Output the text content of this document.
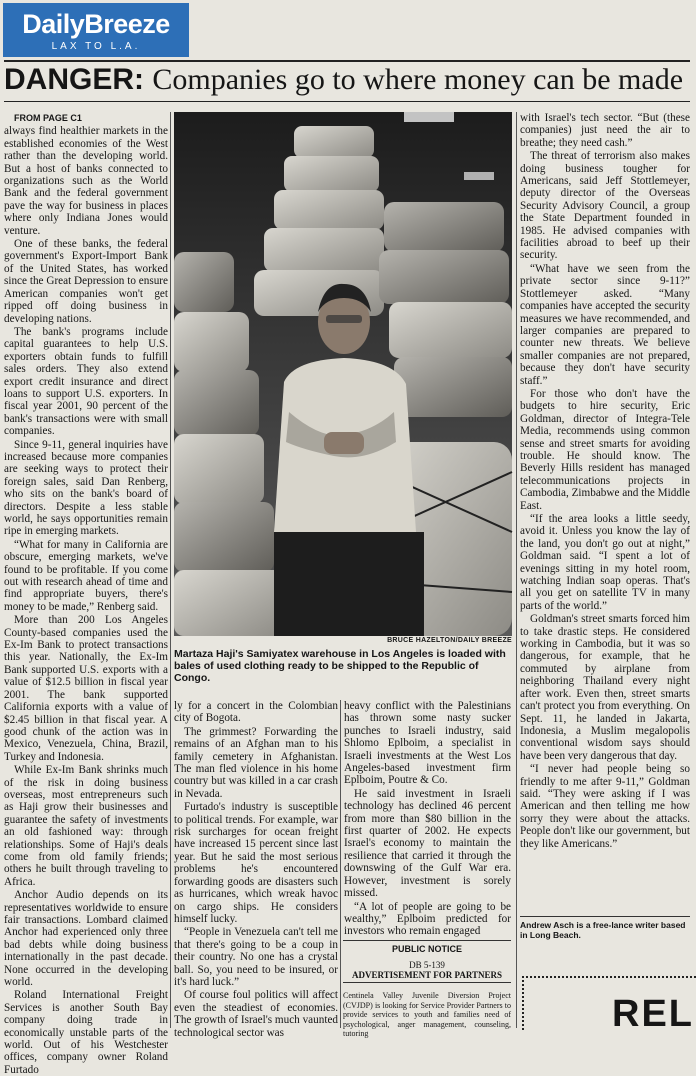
DailyBreeze
LAX TO L.A.
DANGER: Companies go to where money can be made

FROM PAGE C1

always find healthier markets in the established economies of the West rather than the developing world. But a host of banks connected to organizations such as the World Bank and the federal government pave the way for business in places where only Indiana Jones would venture.

One of these banks, the federal government's Export-Import Bank of the United States, has worked since the Great Depression to ensure American companies won't get ripped off doing business in developing nations.

The bank's programs include capital guarantees to help U.S. exporters obtain funds to fulfill sales orders. They also extend export credit insurance and direct loans to support U.S. exporters. In fiscal year 2001, 90 percent of the bank's transactions were with small companies.

Since 9-11, general inquiries have increased because more companies are seeking ways to protect their foreign sales, said Dan Renberg, who sits on the bank's board of directors. Despite a less stable world, he says opportunities remain ripe in emerging markets.

“What for many in California are obscure, emerging markets, we've found to be profitable. If you come out with research ahead of time and find appropriate buyers, there's money to be made,” Renberg said.

More than 200 Los Angeles County-based companies used the Ex-Im Bank to protect transactions this year. Nationally, the Ex-Im Bank supported U.S. exports with a value of $12.5 billion in fiscal year 2001. The bank supported California exports with a value of $2.45 billion in that fiscal year. A good chunk of the action was in Mexico, Venezuela, China, Brazil, Turkey and Indonesia.

While Ex-Im Bank shrinks much of the risk in doing business overseas, most entrepreneurs such as Haji grow their businesses and guarantee the safety of investments an old fashioned way: through relationships. Some of Haji's deals come from old family friends; others he built through traveling to Africa.

Anchor Audio depends on its representatives worldwide to ensure fair transactions. Lombard claimed Anchor had experienced only three bad debts while doing business internationally in the past decade. None occurred in the developing world.

Roland International Freight Services is another South Bay company doing trade in economically unstable parts of the world. Out of his Westchester offices, company owner Roland Furtado

BRUCE HAZELTON/DAILY BREEZE
Martaza Haji's Samiyatex warehouse in Los Angeles is loaded with bales of used clothing ready to be shipped to the Republic of Congo.

ly for a concert in the Colombian city of Bogota.

The grimmest? Forwarding the remains of an Afghan man to his family cemetery in Afghanistan. The man fled violence in his home country but was killed in a car crash in Nevada.

Furtado's industry is susceptible to political trends. For example, war risk surcharges for ocean freight have increased 15 percent since last year. But he said the most serious problems he's encountered forwarding goods are disasters such as hurricanes, which wreak havoc on cargo ships. He considers himself lucky.

“People in Venezuela can't tell me that there's going to be a coup in their country. No one has a crystal ball. So, you need to be insured, or it's hard luck.”

Of course foul politics will affect even the steadiest of economies. The growth of Israel's much vaunted technological sector was

heavy conflict with the Palestinians has thrown some nasty sucker punches to Israeli industry, said Shlomo Eplboim, a specialist in Israeli investments at the West Los Angeles-based investment firm Eplboim, Poutre & Co.

He said investment in Israeli technology has declined 46 percent from more than $80 billion in the first quarter of 2002. He expects Israel's economy to maintain the resilience that carried it through the downswing of the Gulf War era. However, investment is sorely missed.

“A lot of people are going to be wealthy,” Eplboim predicted for investors who remain engaged

PUBLIC NOTICE
DB 5-139
ADVERTISEMENT FOR PARTNERS
Centinela Valley Juvenile Diversion Project (CVJDP) is looking for Service Provider Partners to provide services to youth and families need of psychological, anger management, counseling, tutoring

with Israel's tech sector. “But (these companies) just need the air to breathe; they need cash.”

The threat of terrorism also makes doing business tougher for Americans, said Jeff Stottlemeyer, deputy director of the Overseas Security Advisory Council, a group the State Department founded in 1985. He advised companies with facilities abroad to beef up their security.

“What have we seen from the private sector since 9-11?” Stottlemeyer asked. “Many companies have accepted the security measures we have recommended, and larger companies are prepared to counter new threats. We believe smaller companies are not prepared, because they don't have security staff.”

For those who don't have the budgets to hire security, Eric Goldman, director of Integra-Tele Media, recommends using common sense and street smarts for avoiding trouble. He should know. The Beverly Hills resident has managed telecommunications projects in Cambodia, Zimbabwe and the Middle East.

“If the area looks a little seedy, avoid it. Unless you know the lay of the land, you don't go out at night,” Goldman said. “I spent a lot of evenings sitting in my hotel room, watching Indian soap operas. That's all you get on satellite TV in many parts of the world.”

Goldman's street smarts forced him to take drastic steps. He considered working in Cambodia, but it was so dangerous, for example, that he commuted by airplane from neighboring Thailand every night after work. Even then, street smarts can't protect you from everything. On Sept. 11, he landed in Jakarta, Indonesia, a Muslim megalopolis conventional wisdom says should have been very dangerous that day.

“I never had people being so friendly to me after 9-11,” Goldman said. “They were asking if I was American and then telling me how sorry they were about the attacks. People don't like our government, but they like Americans.”

Andrew Asch is a free-lance writer based in Long Beach.
REL
